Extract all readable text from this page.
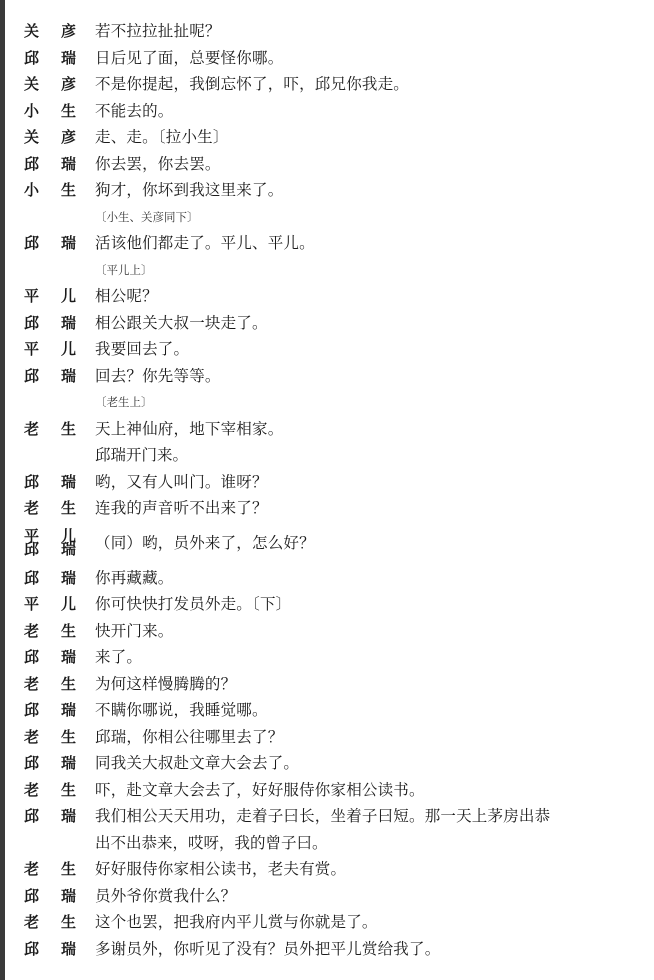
关 彦 若不拉拉扯扯呢？
邱 瑞 日后见了面，总要怪你哪。
关 彦 不是你提起，我倒忘怀了，吓，邱兄你我走。
小 生 不能去的。
关 彦 走、走。〔拉小生〕
邱 瑞 你去罢，你去罢。
小 生 狗才，你坏到我这里来了。
〔小生、关彦同下〕
邱 瑞 活该他们都走了。平儿、平儿。
〔平儿上〕
平 儿 相公呢？
邱 瑞 相公跟关大叔一块走了。
平 儿 我要回去了。
邱 瑞 回去？你先等等。
〔老生上〕
老 生 天上神仙府，地下宰相家。
邱瑞开门来。
邱 瑞 哟，又有人叫门。谁呀？
老 生 连我的声音听不出来了？
平 儿
邱 瑞 （同）哟，员外来了，怎么好？
邱 瑞 你再藏藏。
平 儿 你可快快打发员外走。〔下〕
老 生 快开门来。
邱 瑞 来了。
老 生 为何这样慢腾腾的？
邱 瑞 不瞒你哪说，我睡觉哪。
老 生 邱瑞，你相公往哪里去了？
邱 瑞 同我关大叔赴文章大会去了。
老 生 吓，赴文章大会去了，好好服侍你家相公读书。
邱 瑞 我们相公天天用功，走着子曰长，坐着子曰短。那一天上茅房出恭
出不出恭来，哎呀，我的曾子曰。
老 生 好好服侍你家相公读书，老夫有赏。
邱 瑞 员外爷你赏我什么？
老 生 这个也罢，把我府内平儿赏与你就是了。
邱 瑞 多谢员外，你听见了没有？员外把平儿赏给我了。
